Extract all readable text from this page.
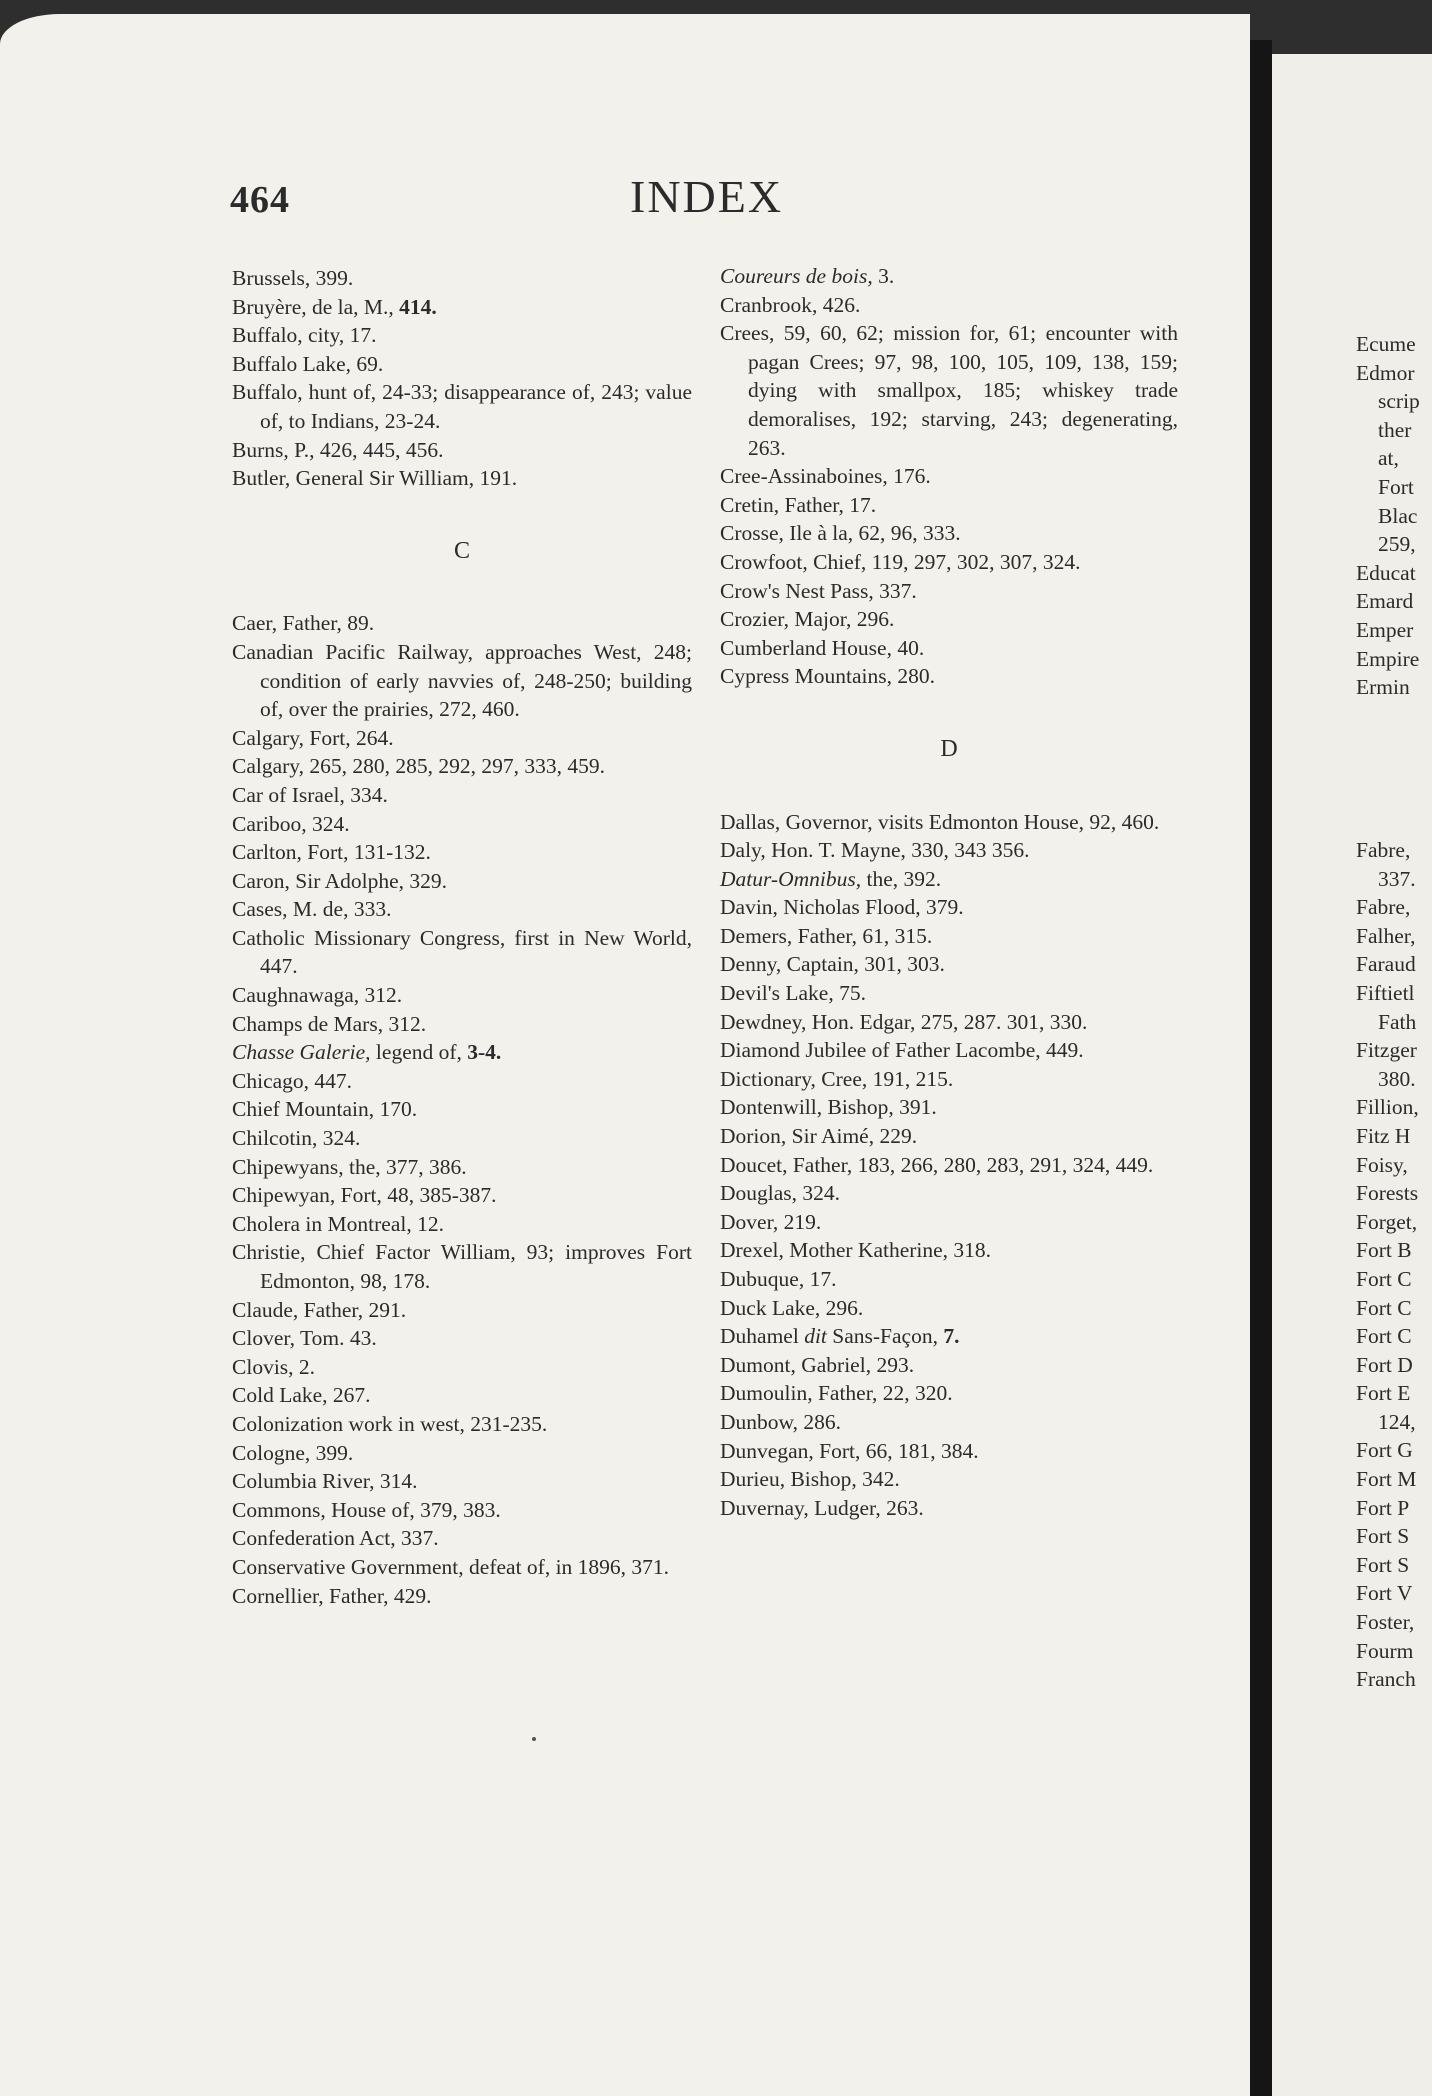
464	INDEX
Brussels, 399.
Bruyère, de la, M., 414.
Buffalo, city, 17.
Buffalo Lake, 69.
Buffalo, hunt of, 24-33; disappearance of, 243; value of, to Indians, 23-24.
Burns, P., 426, 445, 456.
Butler, General Sir William, 191.
C
Caer, Father, 89.
Canadian Pacific Railway, approaches West, 248; condition of early navvies of, 248-250; building of, over the prairies, 272, 460.
Calgary, Fort, 264.
Calgary, 265, 280, 285, 292, 297, 333, 459.
Car of Israel, 334.
Cariboo, 324.
Carlton, Fort, 131-132.
Caron, Sir Adolphe, 329.
Cases, M. de, 333.
Catholic Missionary Congress, first in New World, 447.
Caughnawaga, 312.
Champs de Mars, 312.
Chasse Galerie, legend of, 3-4.
Chicago, 447.
Chief Mountain, 170.
Chilcotin, 324.
Chipewyans, the, 377, 386.
Chipewyan, Fort, 48, 385-387.
Cholera in Montreal, 12.
Christie, Chief Factor William, 93; improves Fort Edmonton, 98, 178.
Claude, Father, 291.
Clover, Tom. 43.
Clovis, 2.
Cold Lake, 267.
Colonization work in west, 231-235.
Cologne, 399.
Columbia River, 314.
Commons, House of, 379, 383.
Confederation Act, 337.
Conservative Government, defeat of, in 1896, 371.
Cornellier, Father, 429.
Coureurs de bois, 3.
Cranbrook, 426.
Crees, 59, 60, 62; mission for, 61; encounter with pagan Crees; 97, 98, 100, 105, 109, 138, 159; dying with smallpox, 185; whiskey trade demoralises, 192; starving, 243; degenerating, 263.
Cree-Assinaboines, 176.
Cretin, Father, 17.
Crosse, Ile à la, 62, 96, 333.
Crowfoot, Chief, 119, 297, 302, 307, 324.
Crow's Nest Pass, 337.
Crozier, Major, 296.
Cumberland House, 40.
Cypress Mountains, 280.
D
Dallas, Governor, visits Edmonton House, 92, 460.
Daly, Hon. T. Mayne, 330, 343 356.
Datur-Omnibus, the, 392.
Davin, Nicholas Flood, 379.
Demers, Father, 61, 315.
Denny, Captain, 301, 303.
Devil's Lake, 75.
Dewdney, Hon. Edgar, 275, 287. 301, 330.
Diamond Jubilee of Father Lacombe, 449.
Dictionary, Cree, 191, 215.
Dontenwill, Bishop, 391.
Dorion, Sir Aimé, 229.
Doucet, Father, 183, 266, 280, 283, 291, 324, 449.
Douglas, 324.
Dover, 219.
Drexel, Mother Katherine, 318.
Dubuque, 17.
Duck Lake, 296.
Duhamel dit Sans-Façon, 7.
Dumont, Gabriel, 293.
Dumoulin, Father, 22, 320.
Dunbow, 286.
Dunvegan, Fort, 66, 181, 384.
Durieu, Bishop, 342.
Duvernay, Ludger, 263.
Ecume
Edmor
scrip
ther
at,
Fort
Blac
259,
Educat
Emard
Emper
Empire
Ermin
Fabre,
337.
Fabre,
Falher,
Faraud
Fiftietl
Fath
Fitzger
380.
Fillion,
Fitz H
Foisy,
Forests
Forget,
Fort B
Fort C
Fort C
Fort C
Fort D
Fort E
124,
Fort G
Fort M
Fort P
Fort S
Fort S
Fort V
Foster,
Fourm
Franch
